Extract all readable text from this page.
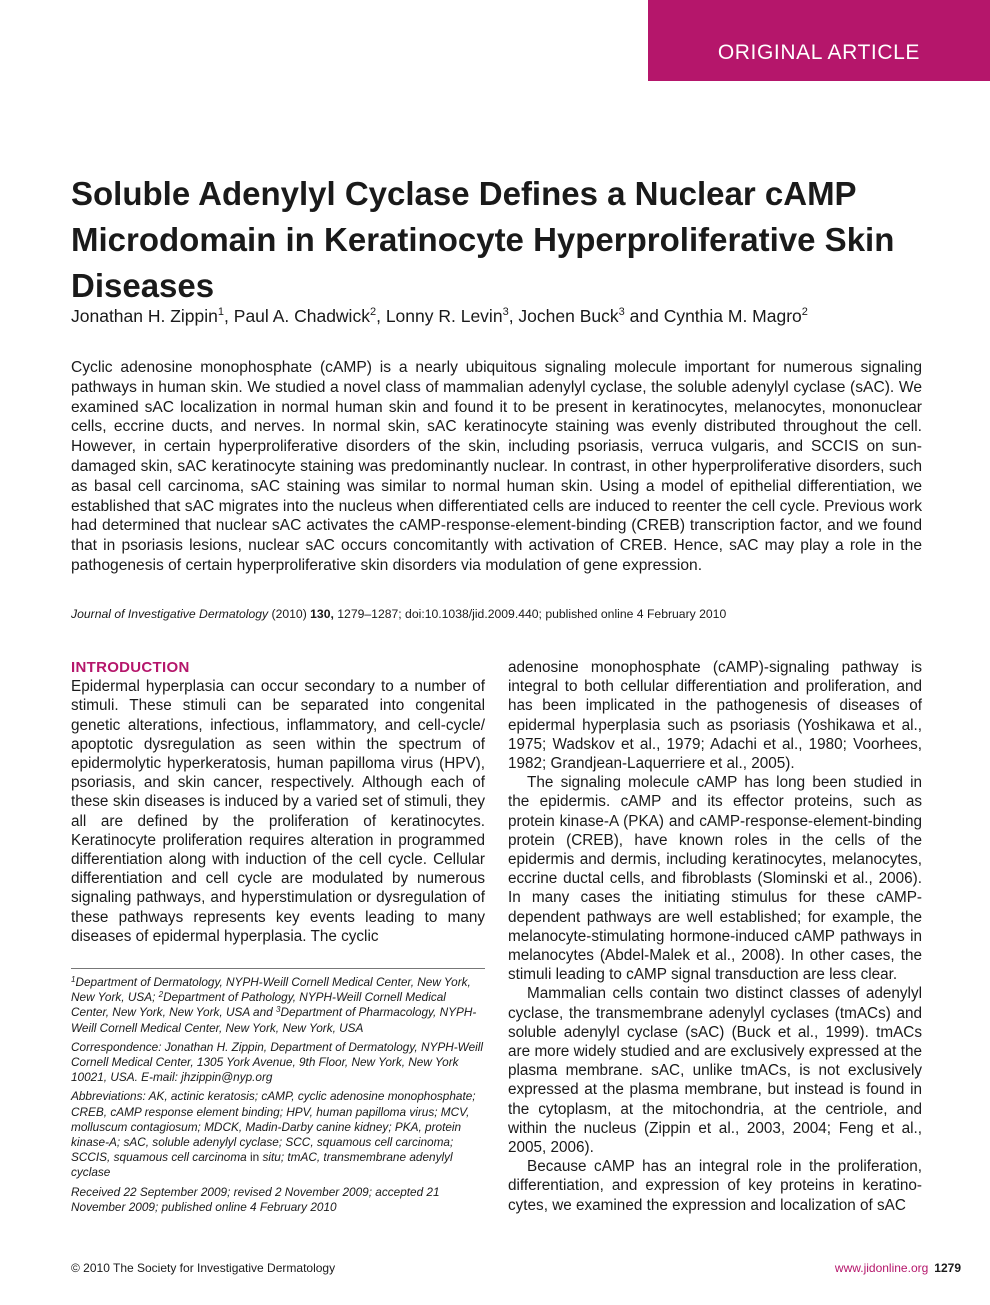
ORIGINAL ARTICLE
Soluble Adenylyl Cyclase Defines a Nuclear cAMP Microdomain in Keratinocyte Hyperproliferative Skin Diseases
Jonathan H. Zippin$^1$, Paul A. Chadwick$^2$, Lonny R. Levin$^3$, Jochen Buck$^3$ and Cynthia M. Magro$^2$

Cyclic adenosine monophosphate (cAMP) is a nearly ubiquitous signaling molecule important for numerous signaling pathways in human skin. We studied a novel class of mammalian adenylyl cyclase, the soluble adenylyl cyclase (sAC). We examined sAC localization in normal human skin and found it to be present in keratinocytes, melanocytes, mononuclear cells, eccrine ducts, and nerves. In normal skin, sAC keratinocyte staining was evenly distributed throughout the cell. However, in certain hyperproliferative disorders of the skin, including psoriasis, verruca vulgaris, and SCCIS on sun-damaged skin, sAC keratinocyte staining was predominantly nuclear. In contrast, in other hyperproliferative disorders, such as basal cell carcinoma, sAC staining was similar to normal human skin. Using a model of epithelial differentiation, we established that sAC migrates into the nucleus when differentiated cells are induced to reenter the cell cycle. Previous work had determined that nuclear sAC activates the cAMP-response-element-binding (CREB) transcription factor, and we found that in psoriasis lesions, nuclear sAC occurs concomitantly with activation of CREB. Hence, sAC may play a role in the pathogenesis of certain hyperproliferative skin disorders via modulation of gene expression.

Journal of Investigative Dermatology (2010) 130, 1279–1287; doi:10.1038/jid.2009.440; published online 4 February 2010
INTRODUCTION

Epidermal hyperplasia can occur secondary to a number of stimuli. These stimuli can be separated into congenital genetic alterations, infectious, inflammatory, and cell-cycle/ apoptotic dysregulation as seen within the spectrum of epidermolytic hyperkeratosis, human papilloma virus (HPV), psoriasis, and skin cancer, respectively. Although each of these skin diseases is induced by a varied set of stimuli, they all are defined by the proliferation of keratinocytes. Keratinocyte proliferation requires alteration in programmed differentiation along with induction of the cell cycle. Cellular differentiation and cell cycle are modulated by numerous signaling pathways, and hyperstimulation or dysregulation of these pathways represents key events leading to many diseases of epidermal hyperplasia. The cyclic

$^1$Department of Dermatology, NYPH-Weill Cornell Medical Center, New York, New York, USA; $^2$Department of Pathology, NYPH-Weill Cornell Medical Center, New York, New York, USA and $^3$Department of Pharmacology, NYPH-Weill Cornell Medical Center, New York, New York, USA

Correspondence: Jonathan H. Zippin, Department of Dermatology, NYPH-Weill Cornell Medical Center, 1305 York Avenue, 9th Floor, New York, New York 10021, USA. E-mail: jhzippin@nyp.org

Abbreviations: AK, actinic keratosis; cAMP, cyclic adenosine monophosphate; CREB, cAMP response element binding; HPV, human papilloma virus; MCV, molluscum contagiosum; MDCK, Madin-Darby canine kidney; PKA, protein kinase-A; sAC, soluble adenylyl cyclase; SCC, squamous cell carcinoma; SCCIS, squamous cell carcinoma in situ; tmAC, transmembrane adenylyl cyclase

Received 22 September 2009; revised 2 November 2009; accepted 21 November 2009; published online 4 February 2010

adenosine monophosphate (cAMP)-signaling pathway is integral to both cellular differentiation and proliferation, and has been implicated in the pathogenesis of diseases of epidermal hyperplasia such as psoriasis (Yoshikawa et al., 1975; Wadskov et al., 1979; Adachi et al., 1980; Voorhees, 1982; Grandjean-Laquerriere et al., 2005).

The signaling molecule cAMP has long been studied in the epidermis. cAMP and its effector proteins, such as protein kinase-A (PKA) and cAMP-response-element-binding protein (CREB), have known roles in the cells of the epidermis and dermis, including keratinocytes, melanocytes, eccrine ductal cells, and fibroblasts (Slominski et al., 2006). In many cases the initiating stimulus for these cAMP-dependent pathways are well established; for example, the melanocyte-stimulating hormone-induced cAMP pathways in melanocytes (Abdel-Malek et al., 2008). In other cases, the stimuli leading to cAMP signal transduction are less clear.

Mammalian cells contain two distinct classes of adenylyl cyclase, the transmembrane adenylyl cyclases (tmACs) and soluble adenylyl cyclase (sAC) (Buck et al., 1999). tmACs are more widely studied and are exclusively expressed at the plasma membrane. sAC, unlike tmACs, is not exclusively expressed at the plasma membrane, but instead is found in the cytoplasm, at the mitochondria, at the centriole, and within the nucleus (Zippin et al., 2003, 2004; Feng et al., 2005, 2006).

Because cAMP has an integral role in the proliferation, differentiation, and expression of key proteins in keratinocytes, we examined the expression and localization of sAC

© 2010 The Society for Investigative Dermatology	www.jidonline.org 1279
